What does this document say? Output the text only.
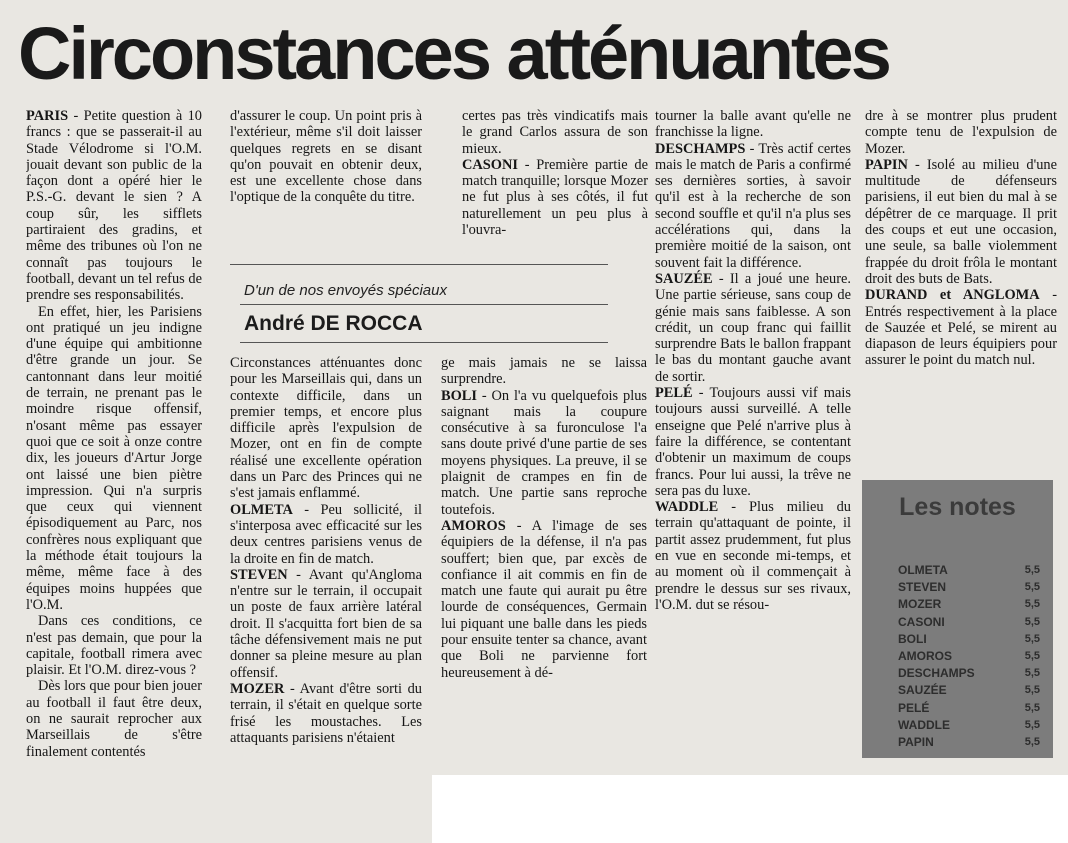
Circonstances atténuantes

PARIS - Petite question à 10 francs : que se passerait-il au Stade Vélodrome si l'O.M. jouait devant son public de la façon dont a opéré hier le P.S.-G. devant le sien ? A coup sûr, les sifflets partiraient des gradins, et même des tribunes où l'on ne connaît pas toujours le football, devant un tel refus de prendre ses responsabilités.

En effet, hier, les Parisiens ont pratiqué un jeu indigne d'une équipe qui ambitionne d'être grande un jour. Se cantonnant dans leur moitié de terrain, ne prenant pas le moindre risque offensif, n'osant même pas essayer quoi que ce soit à onze contre dix, les joueurs d'Artur Jorge ont laissé une bien piètre impression. Qui n'a surpris que ceux qui viennent épisodiquement au Parc, nos confrères nous expliquant que la méthode était toujours la même, même face à des équipes moins huppées que l'O.M.

Dans ces conditions, ce n'est pas demain, que pour la capitale, football rimera avec plaisir. Et l'O.M. direz-vous ?

Dès lors que pour bien jouer au football il faut être deux, on ne saurait reprocher aux Marseillais de s'être finalement contentés

d'assurer le coup. Un point pris à l'extérieur, même s'il doit laisser quelques regrets en se disant qu'on pouvait en obtenir deux, est une excellente chose dans l'optique de la conquête du titre.

certes pas très vindicatifs mais le grand Carlos assura de son mieux.

CASONI - Première partie de match tranquille; lorsque Mozer ne fut plus à ses côtés, il fut naturellement un peu plus à l'ouvra-

tourner la balle avant qu'elle ne franchisse la ligne.

DESCHAMPS - Très actif certes mais le match de Paris a confirmé ses dernières sorties, à savoir qu'il est à la recherche de son second souffle et qu'il n'a plus ses accélérations qui, dans la première moitié de la saison, ont souvent fait la différence.

SAUZÉE - Il a joué une heure. Une partie sérieuse, sans coup de génie mais sans faiblesse. A son crédit, un coup franc qui faillit surprendre Bats le ballon frappant le bas du montant gauche avant de sortir.

PELÉ - Toujours aussi vif mais toujours aussi surveillé. A telle enseigne que Pelé n'arrive plus à faire la différence, se contentant d'obtenir un maximum de coups francs. Pour lui aussi, la trêve ne sera pas du luxe.

WADDLE - Plus milieu du terrain qu'attaquant de pointe, il partit assez prudemment, fut plus en vue en seconde mi-temps, et au moment où il commençait à prendre le dessus sur ses rivaux, l'O.M. dut se résou-

dre à se montrer plus prudent compte tenu de l'expulsion de Mozer.

PAPIN - Isolé au milieu d'une multitude de défenseurs parisiens, il eut bien du mal à se dépêtrer de ce marquage. Il prit des coups et eut une occasion, une seule, sa balle violemment frappée du droit frôla le montant droit des buts de Bats.

DURAND et ANGLOMA - Entrés respectivement à la place de Sauzée et Pelé, se mirent au diapason de leurs équipiers pour assurer le point du match nul.

D'un de nos envoyés spéciaux
André DE ROCCA

Circonstances atténuantes donc pour les Marseillais qui, dans un contexte difficile, dans un premier temps, et encore plus difficile après l'expulsion de Mozer, ont en fin de compte réalisé une excellente opération dans un Parc des Princes qui ne s'est jamais enflammé.

OLMETA - Peu sollicité, il s'interposa avec efficacité sur les deux centres parisiens venus de la droite en fin de match.

STEVEN - Avant qu'Angloma n'entre sur le terrain, il occupait un poste de faux arrière latéral droit. Il s'acquitta fort bien de sa tâche défensivement mais ne put donner sa pleine mesure au plan offensif.

MOZER - Avant d'être sorti du terrain, il s'était en quelque sorte frisé les moustaches. Les attaquants parisiens n'étaient

ge mais jamais ne se laissa surprendre.

BOLI - On l'a vu quelquefois plus saignant mais la coupure consécutive à sa furonculose l'a sans doute privé d'une partie de ses moyens physiques. La preuve, il se plaignit de crampes en fin de match. Une partie sans reproche toutefois.

AMOROS - A l'image de ses équipiers de la défense, il n'a pas souffert; bien que, par excès de confiance il ait commis en fin de match une faute qui aurait pu être lourde de conséquences, Germain lui piquant une balle dans les pieds pour ensuite tenter sa chance, avant que Boli ne parvienne fort heureusement à dé-

Les notes
OLMETA	5,5
STEVEN	5,5
MOZER	5,5
CASONI	5,5
BOLI	5,5
AMOROS	5,5
DESCHAMPS	5,5
SAUZÉE	5,5
PELÉ	5,5
WADDLE	5,5
PAPIN	5,5
